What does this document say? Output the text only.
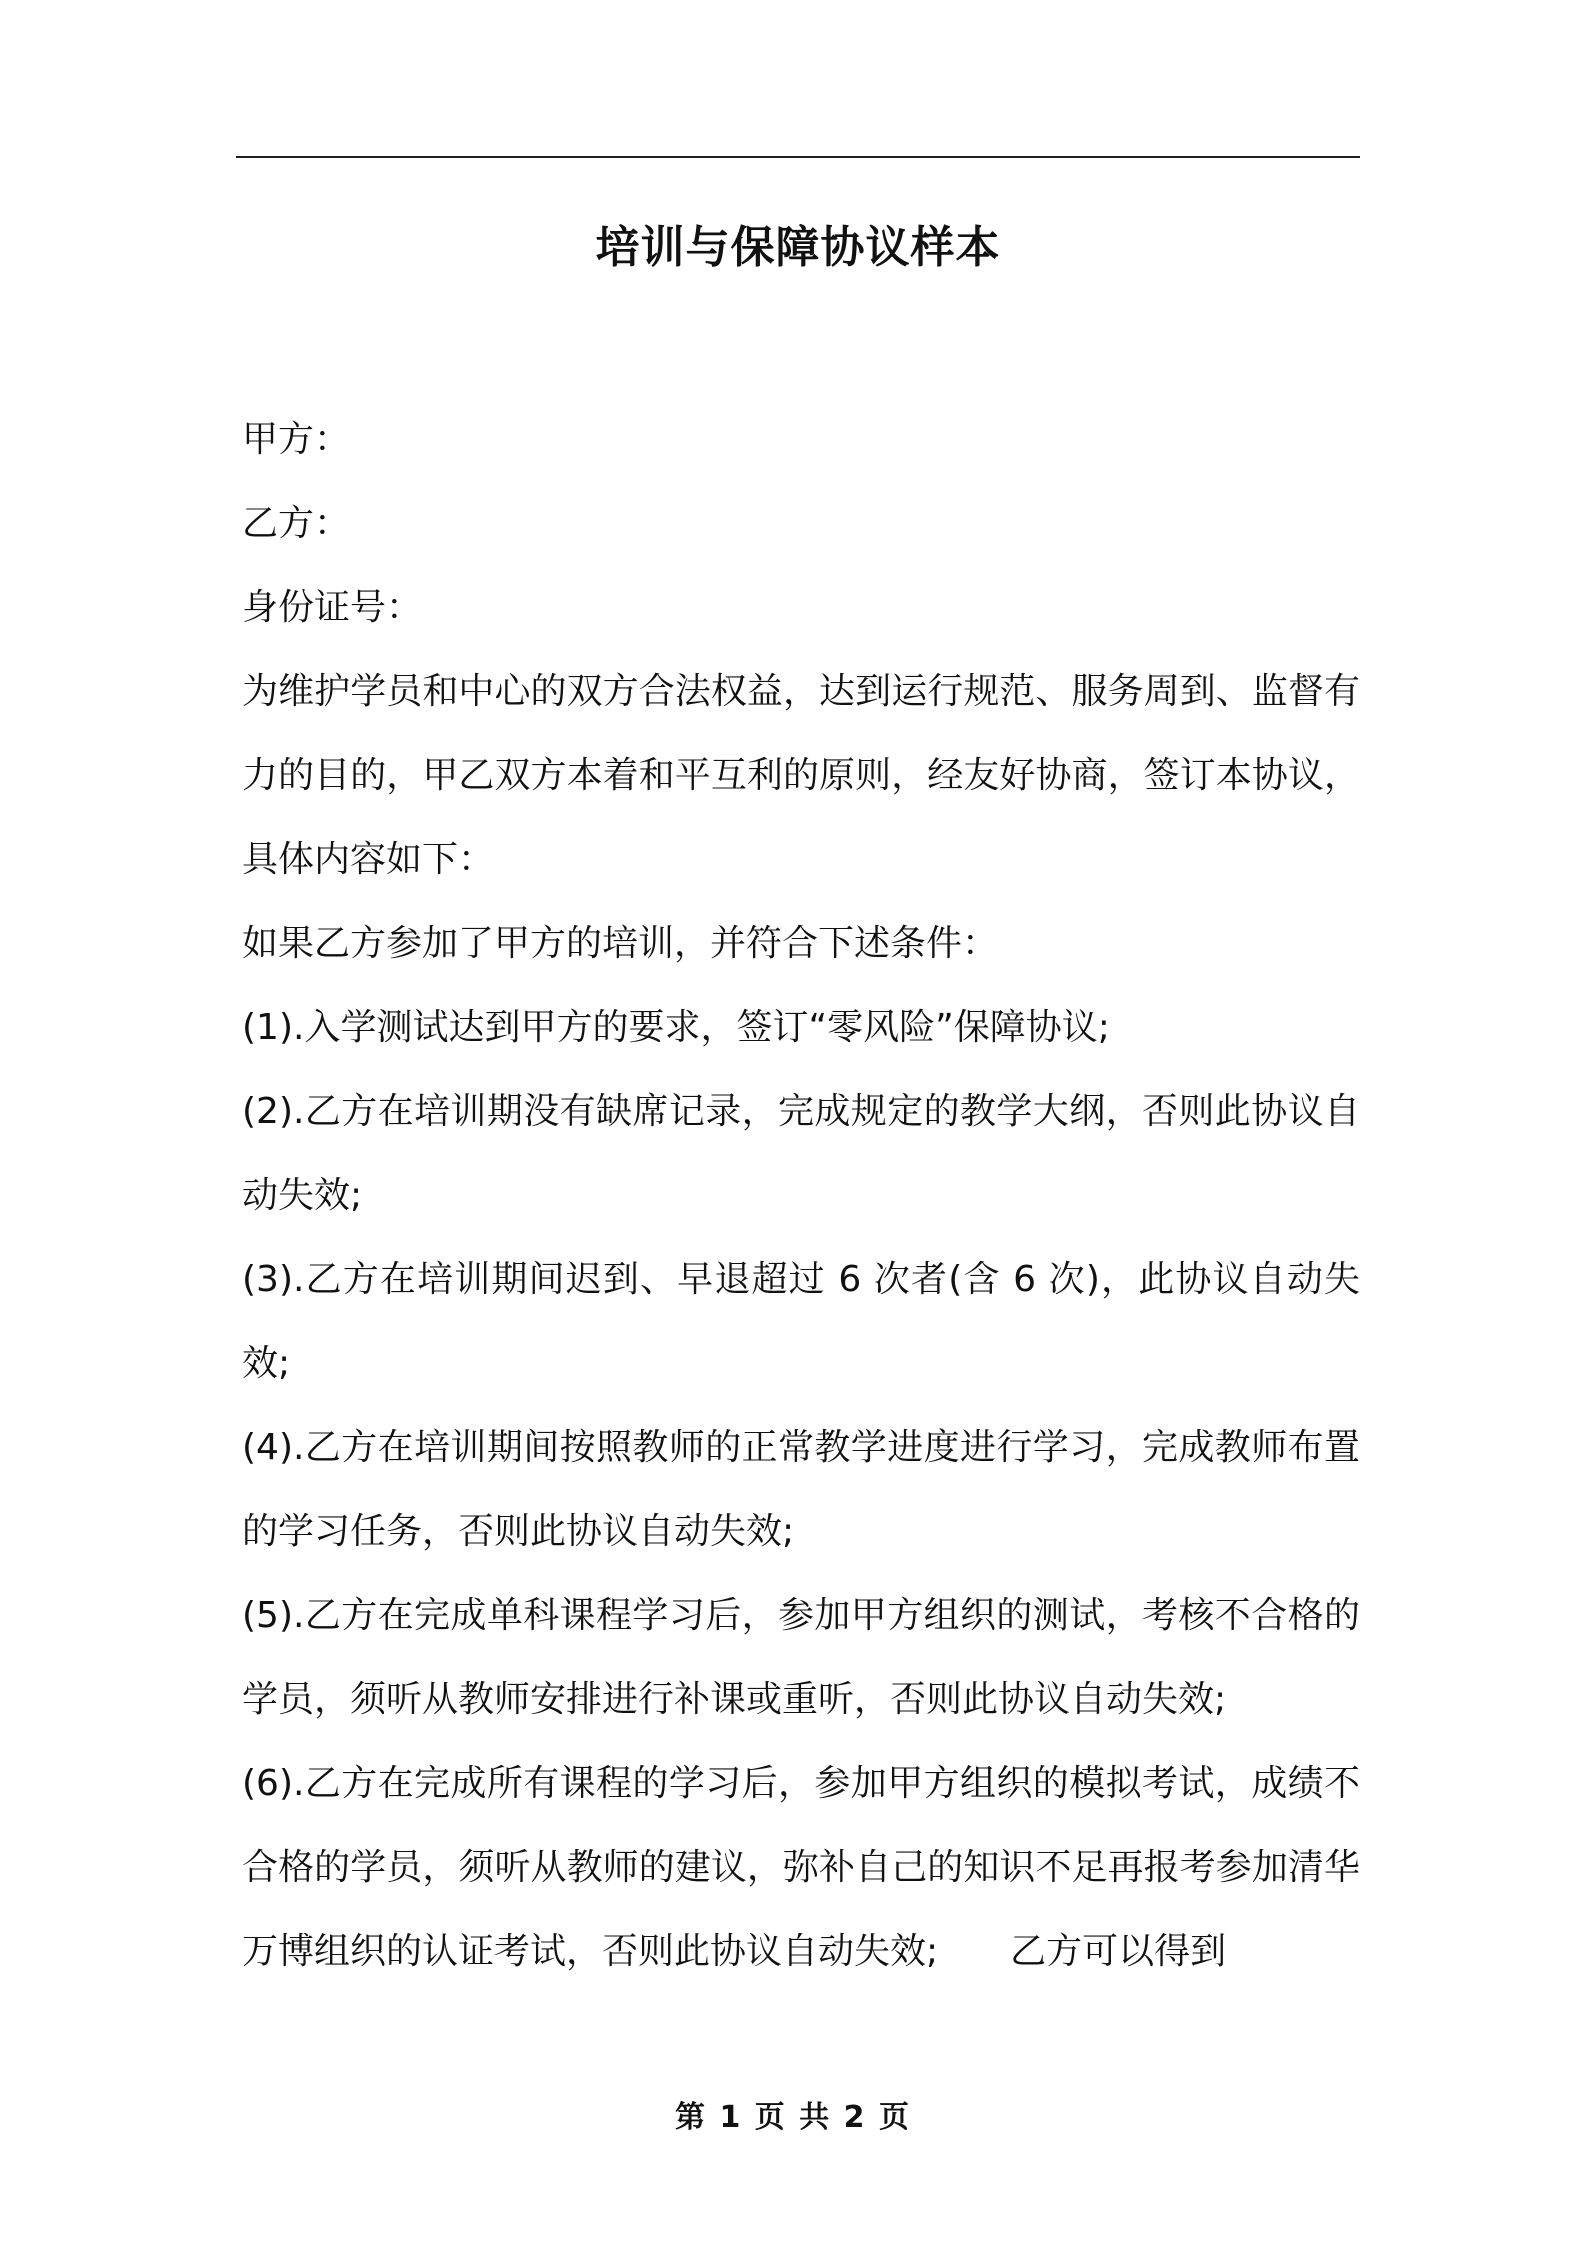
培训与保障协议样本

甲方：

乙方：

身份证号：

为维护学员和中心的双方合法权益，达到运行规范、服务周到、监督有力的目的，甲乙双方本着和平互利的原则，经友好协商，签订本协议，具体内容如下：

如果乙方参加了甲方的培训，并符合下述条件：

(1).入学测试达到甲方的要求，签订“零风险”保障协议;

(2).乙方在培训期没有缺席记录，完成规定的教学大纲，否则此协议自动失效;

(3).乙方在培训期间迟到、早退超过 6 次者(含 6 次)，此协议自动失效;

(4).乙方在培训期间按照教师的正常教学进度进行学习，完成教师布置的学习任务，否则此协议自动失效;

(5).乙方在完成单科课程学习后，参加甲方组织的测试，考核不合格的学员，须听从教师安排进行补课或重听，否则此协议自动失效;

(6).乙方在完成所有课程的学习后，参加甲方组织的模拟考试，成绩不合格的学员，须听从教师的建议，弥补自己的知识不足再报考参加清华万博组织的认证考试，否则此协议自动失效; 乙方可以得到

第 1 页 共 2 页
